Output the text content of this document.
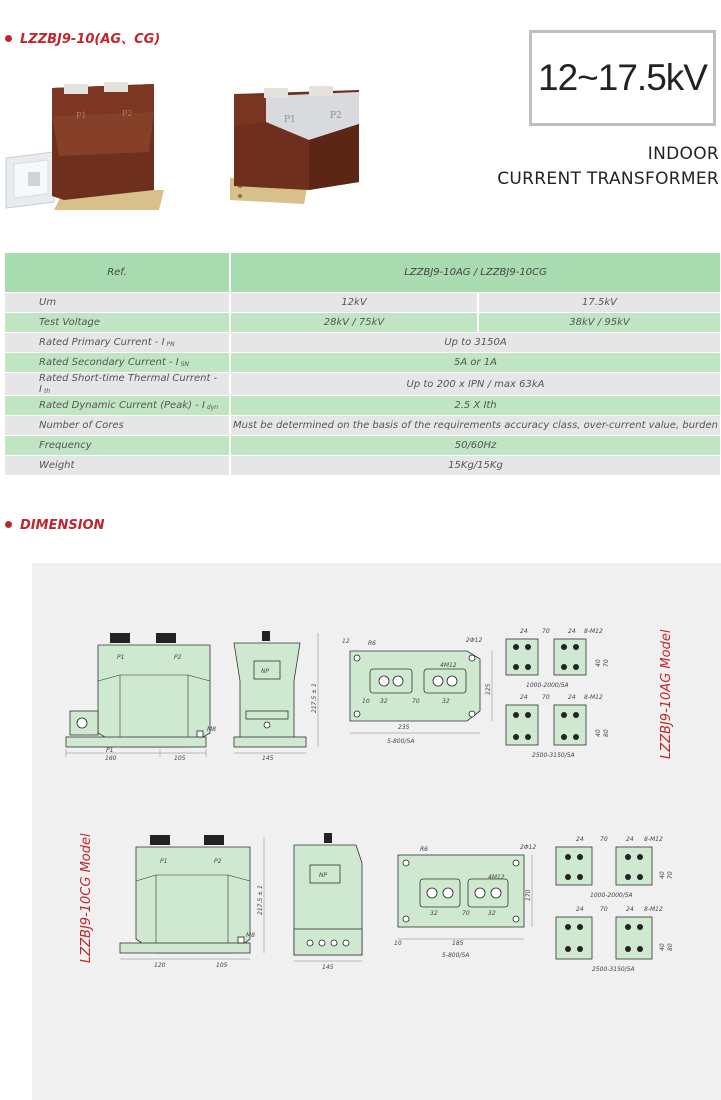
LZZBJ9-10(AG、CG)
P1	P2
P1	P2
12~17.5kV
INDOOR
CURRENT TRANSFORMER
Ref.	LZZBJ9-10AG / LZZBJ9-10CG	
Um	12kV	17.5kV
Test Voltage	28kV / 75kV	38kV / 95kV
Rated Primary Current - I $_{PN}$	Up to 3150A	
Rated Secondary Current - I $_{SN}$	5A or 1A	
Rated Short-time Thermal Current - I $_{th}$	Up to 200 x IPN / max 63kA	
Rated Dynamic Current (Peak) - I $_{dyn}$	2.5 X Ith	
Number of Cores	Must be determined on the basis of the requirements accuracy class, over-current value, burden	
Frequency	50/60Hz	
Weight	15Kg/15Kg	
DIMENSION
P1
P1	P2
160	105
M8
NP
145
217.5 ± 1
12	R6
10
235
5-800/5A
2Φ12
4M12
32	70	32
125
24 70	24 8-M12
40 70
1000-2000/5A
24 70	24 8-M12
40 80
2500-3150/5A	LZZBJ9-10AG Model
LZZBJ9-10CG Model	P1	P2
120	105
M8
217.5 ± 1
NP
145
R6	2Φ12
4M12
32	70	32
10	185
5-800/5A
170
24	70	24 8-M12
40 70
1000-2000/5A
24	70	24 8-M12
40 80
2500-3150/5A
